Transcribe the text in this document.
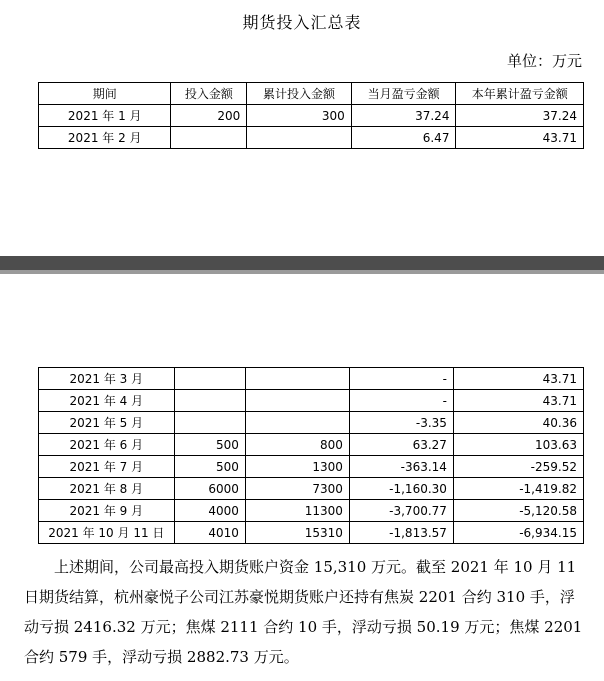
期货投入汇总表
单位：万元
期间	投入金额	累计投入金额	当月盈亏金额	本年累计盈亏金额
2021 年 1 月	200	300	37.24	37.24
2021 年 2 月			6.47	43.71
2021 年 3 月			-	43.71
2021 年 4 月			-	43.71
2021 年 5 月			-3.35	40.36
2021 年 6 月	500	800	63.27	103.63
2021 年 7 月	500	1300	-363.14	-259.52
2021 年 8 月	6000	7300	-1,160.30	-1,419.82
2021 年 9 月	4000	11300	-3,700.77	-5,120.58
2021 年 10 月 11 日	4010	15310	-1,813.57	-6,934.15

上述期间，公司最高投入期货账户资金 15,310 万元。截至 2021 年 10 月 11 日期货结算，杭州豪悦子公司江苏豪悦期货账户还持有焦炭 2201 合约 310 手，浮动亏损 2416.32 万元；焦煤 2111 合约 10 手，浮动亏损 50.19 万元；焦煤 2201 合约 579 手，浮动亏损 2882.73 万元。
